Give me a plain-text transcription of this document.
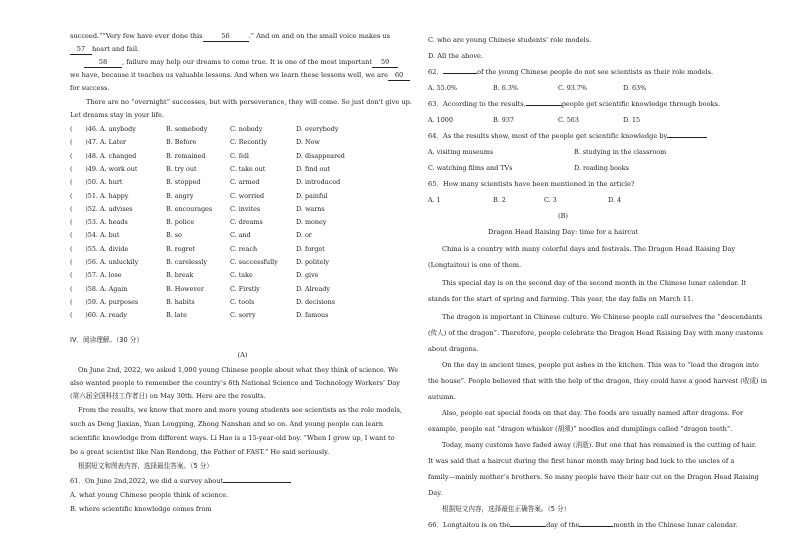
succeed.“”Very few have ever done this	56	.” And on and on the small voice makes us
57 heart and fail.
58 , failure may help our dreams to come true. It is one of the most important 59
we have, because it teaches us valuable lessons. And when we learn these lessons well, we are 60
for success.
There are no “overnight” successes, but with perseverance, they will come. So just don't give up.
Let dreams stay in your life.
(　　)46. A. anybody	B. somebody	C. nobody	D. everybody
(　　)47. A. Later	B. Before	C. Recently	D. Now
(　　)48. A. changed	B. remained	C. fell	D. disappeared
(　　)49. A. work out	B. try out	C. take out	D. find out
(　　)50. A. hurt	B. stopped	C. armed	D. introduced
(　　)51. A. happy	B. angry	C. worried	D. painful
(　　)52. A. advises	B. encourages	C. invites	D. warns
(　　)53. A. heads	B. police	C. dreams	D. money
(　　)54. A. but	B. so	C. and	D. or
(　　)55. A. divide	B. regret	C. reach	D. forget
(　　)56. A. unluckily	B. carelessly	C. successfully	D. politely
(　　)57. A. lose	B. break	C. take	D. give
(　　)58. A. Again	B. However	C. Firstly	D. Already
(　　)59. A. purposes	B. habits	C. tools	D. decisions
(　　)60. A. ready	B. late	C. sorry	D. famous
IV．阅读理解。（30 分）
(A)
On June 2nd, 2022, we asked 1,000 young Chinese people about what they think of science. We
also wanted people to remember the country’s 6th National Science and Technology Workers’ Day
(第六届全国科技工作者日) on May 30th. Here are the results.
From the results, we know that more and more young students see scientists as the role models,
such as Deng Jiaxian, Yuan Longping, Zhong Nanshan and so on. And young people can learn
scientific knowledge from different ways. Li Hao is a 15-year-old boy. “When I grow up, I want to
be a great scientist like Nan Rendong, the Father of FAST.” He said seriously.
根据短文和图表内容，选择最佳答案。（5 分）
61．On June 2nd,2022, we did a survey about
A. what young Chinese people think of science.
B. where scientific knowledge comes from
C. who are young Chinese students' role models.
D. All the above.
62．	of the young Chinese people do not see scientists as their role models.
A. 55.0%	B. 6.3%	C. 93.7%	D. 63%
63．According to the results,	people get scientific knowledge through books.
A. 1000	B. 937	C. 563	D. 15
64．As the results show, most of the people get scientific knowledge by
A. visiting museums	B. studying in the classroom
C. watching films and TVs	D. reading books
65．How many scientists have been mentioned in the article?
A. 1	B. 2	C. 3	D. 4
(B)
Dragon Head Raising Day: time for a haircut
China is a country with many colorful days and festivals. The Dragon Head Raising Day
(Longtaitou) is one of them.
This special day is on the second day of the second month in the Chinese lunar calendar. It
stands for the start of spring and farming. This year, the day falls on March 11.
The dragon is important in Chinese culture. We Chinese people call ourselves the “descendants
(传人) of the dragon”. Therefore, people celebrate the Dragon Head Raising Day with many customs
about dragons.
On the day in ancient times, people put ashes in the kitchen. This was to “lead the dragon into
the house”. People believed that with the help of the dragon, they could have a good harvest (收成) in
autumn.
Also, people eat special foods on that day. The foods are usually named after dragons. For
example, people eat “dragon whisker (胡须)” noodles and dumplings called “dragon teeth”.
Today, many customs have faded away (消逝). But one that has remained is the cutting of hair.
It was said that a haircut during the first lunar month may bring bad luck to the uncles of a
family—mainly mother’s brothers. So many people have their hair cut on the Dragon Head Raising
Day.
根据短文内容，选择最佳正确答案。（5 分）
66．Longtaitou is on the	day of the	month in the Chinese lunar calendar.
